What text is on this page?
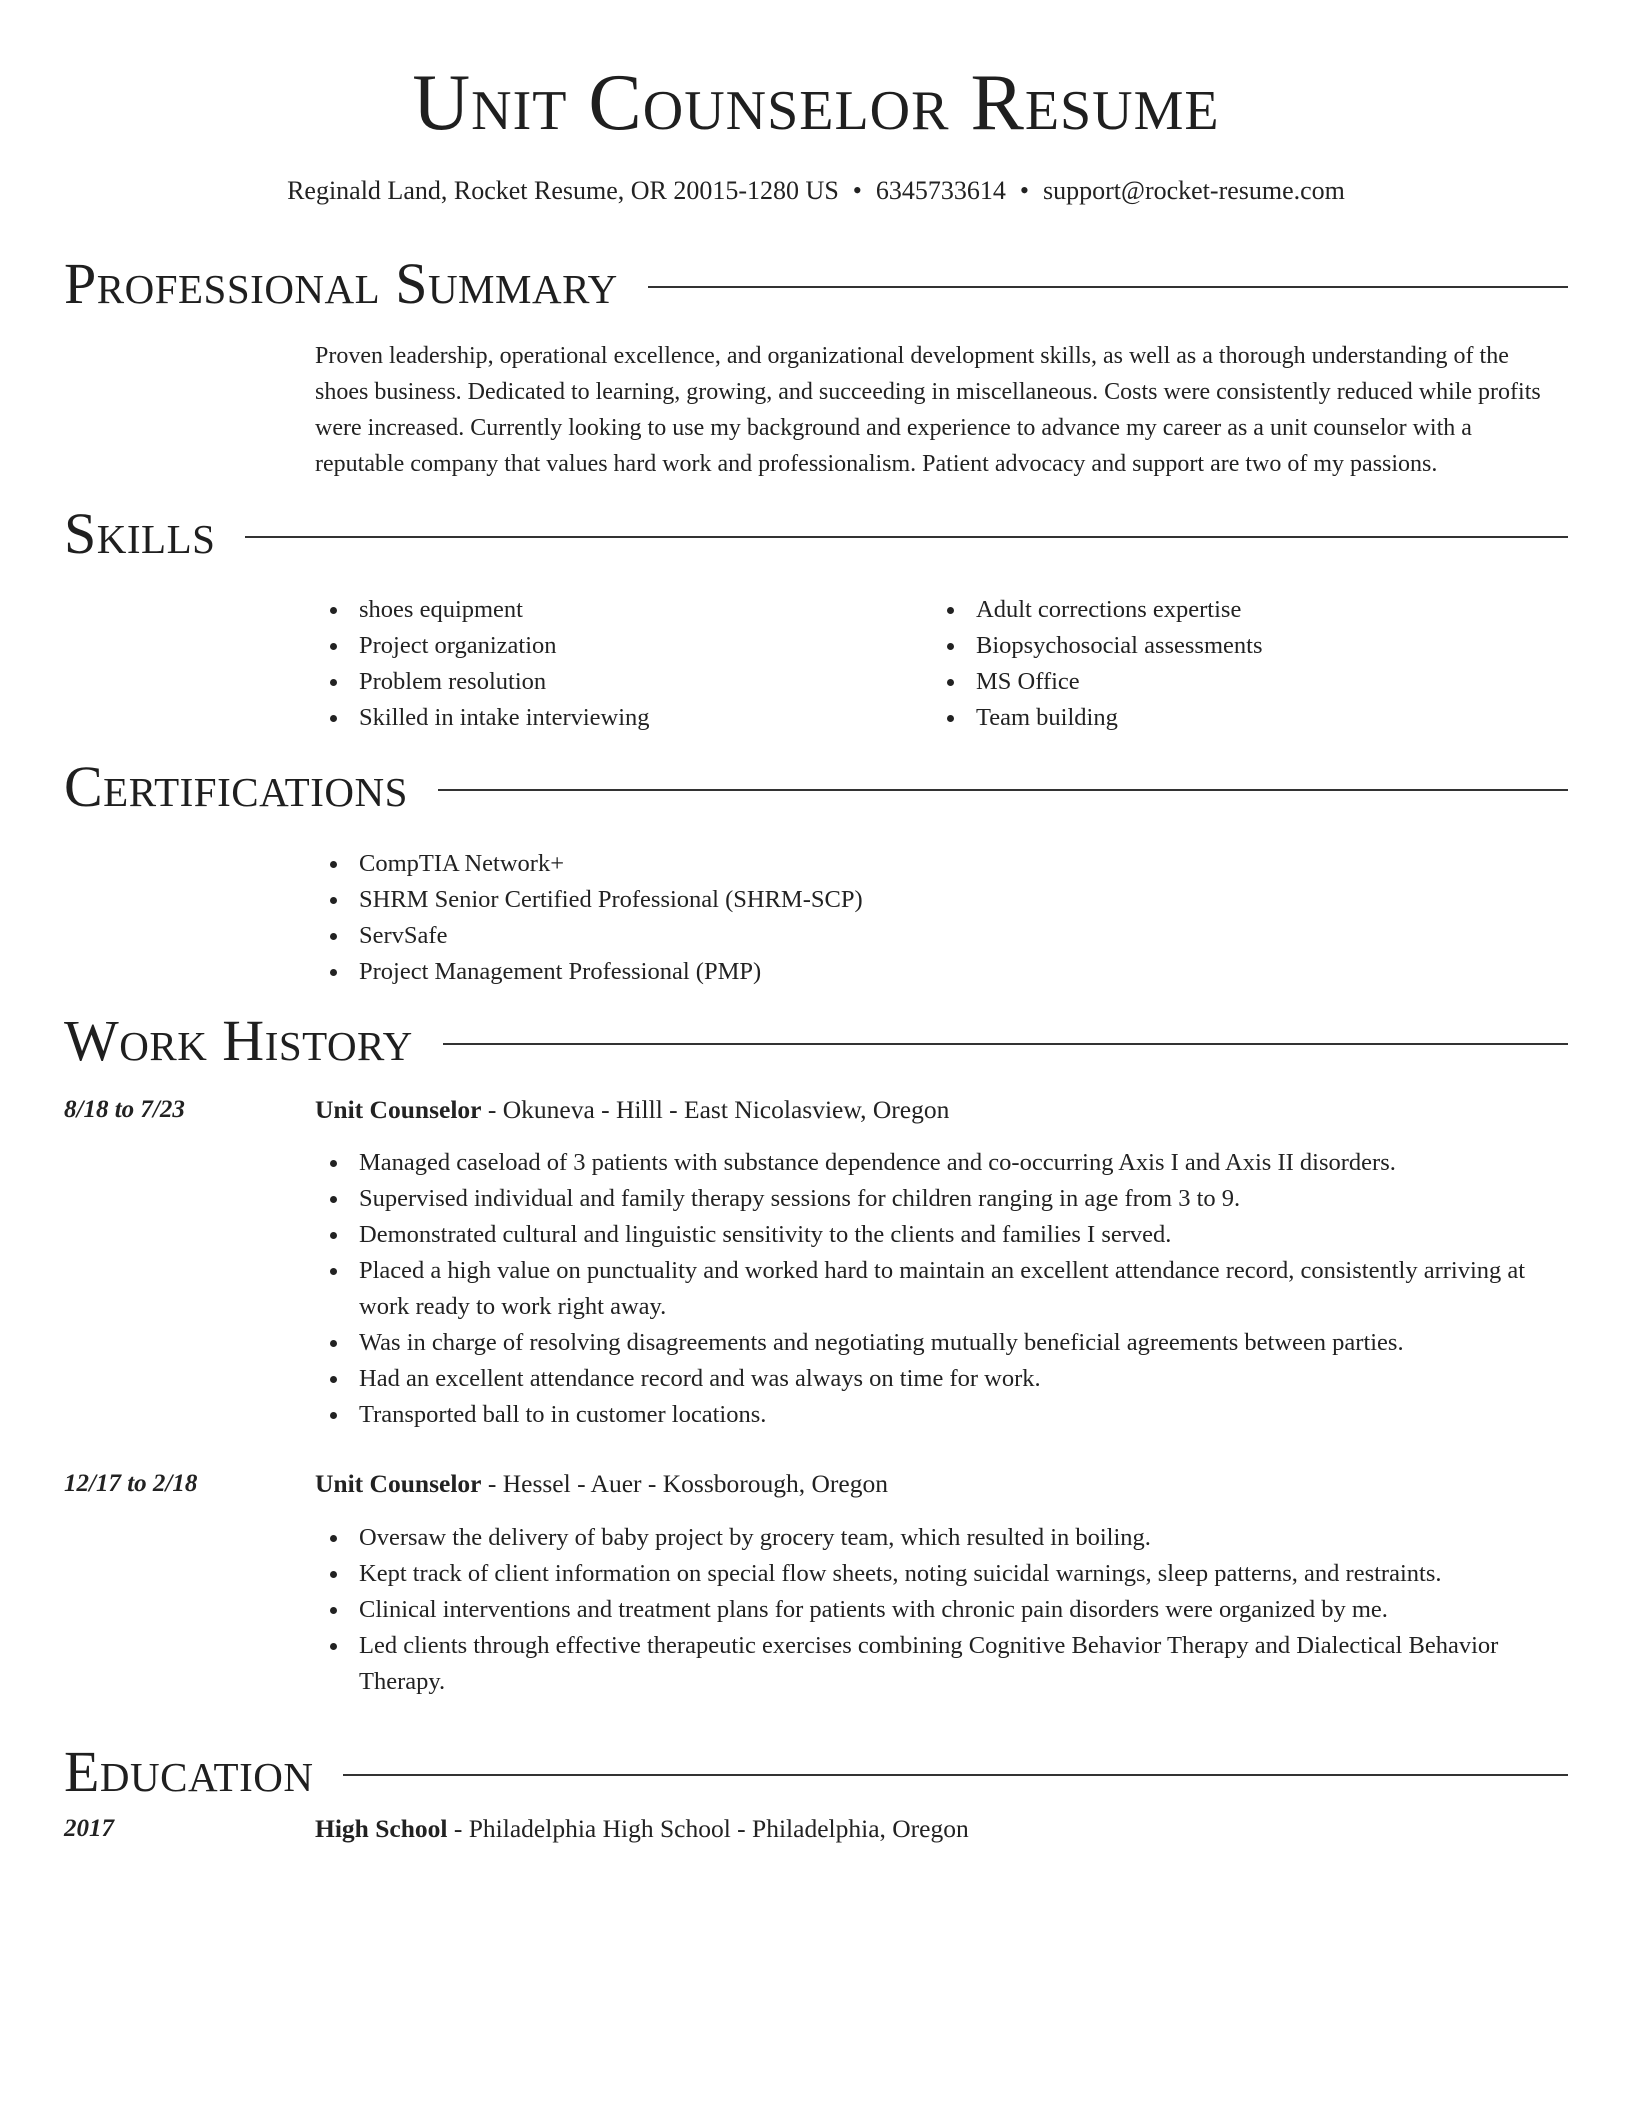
Unit Counselor Resume
Reginald Land, Rocket Resume, OR 20015-1280 US • 6345733614 • support@rocket-resume.com
Professional Summary

Proven leadership, operational excellence, and organizational development skills, as well as a thorough understanding of the shoes business. Dedicated to learning, growing, and succeeding in miscellaneous. Costs were consistently reduced while profits were increased. Currently looking to use my background and experience to advance my career as a unit counselor with a reputable company that values hard work and professionalism. Patient advocacy and support are two of my passions.

Skills
shoes equipment
Project organization
Problem resolution
Skilled in intake interviewing
Adult corrections expertise
Biopsychosocial assessments
MS Office
Team building
Certifications
CompTIA Network+
SHRM Senior Certified Professional (SHRM-SCP)
ServSafe
Project Management Professional (PMP)
Work History
8/18 to 7/23	Unit Counselor - Okuneva - Hilll - East Nicolasview, Oregon
Managed caseload of 3 patients with substance dependence and co-occurring Axis I and Axis II disorders.
Supervised individual and family therapy sessions for children ranging in age from 3 to 9.
Demonstrated cultural and linguistic sensitivity to the clients and families I served.
Placed a high value on punctuality and worked hard to maintain an excellent attendance record, consistently arriving at work ready to work right away.
Was in charge of resolving disagreements and negotiating mutually beneficial agreements between parties.
Had an excellent attendance record and was always on time for work.
Transported ball to in customer locations.
12/17 to 2/18	Unit Counselor - Hessel - Auer - Kossborough, Oregon
Oversaw the delivery of baby project by grocery team, which resulted in boiling.
Kept track of client information on special flow sheets, noting suicidal warnings, sleep patterns, and restraints.
Clinical interventions and treatment plans for patients with chronic pain disorders were organized by me.
Led clients through effective therapeutic exercises combining Cognitive Behavior Therapy and Dialectical Behavior Therapy.
Education
2017	High School - Philadelphia High School - Philadelphia, Oregon
